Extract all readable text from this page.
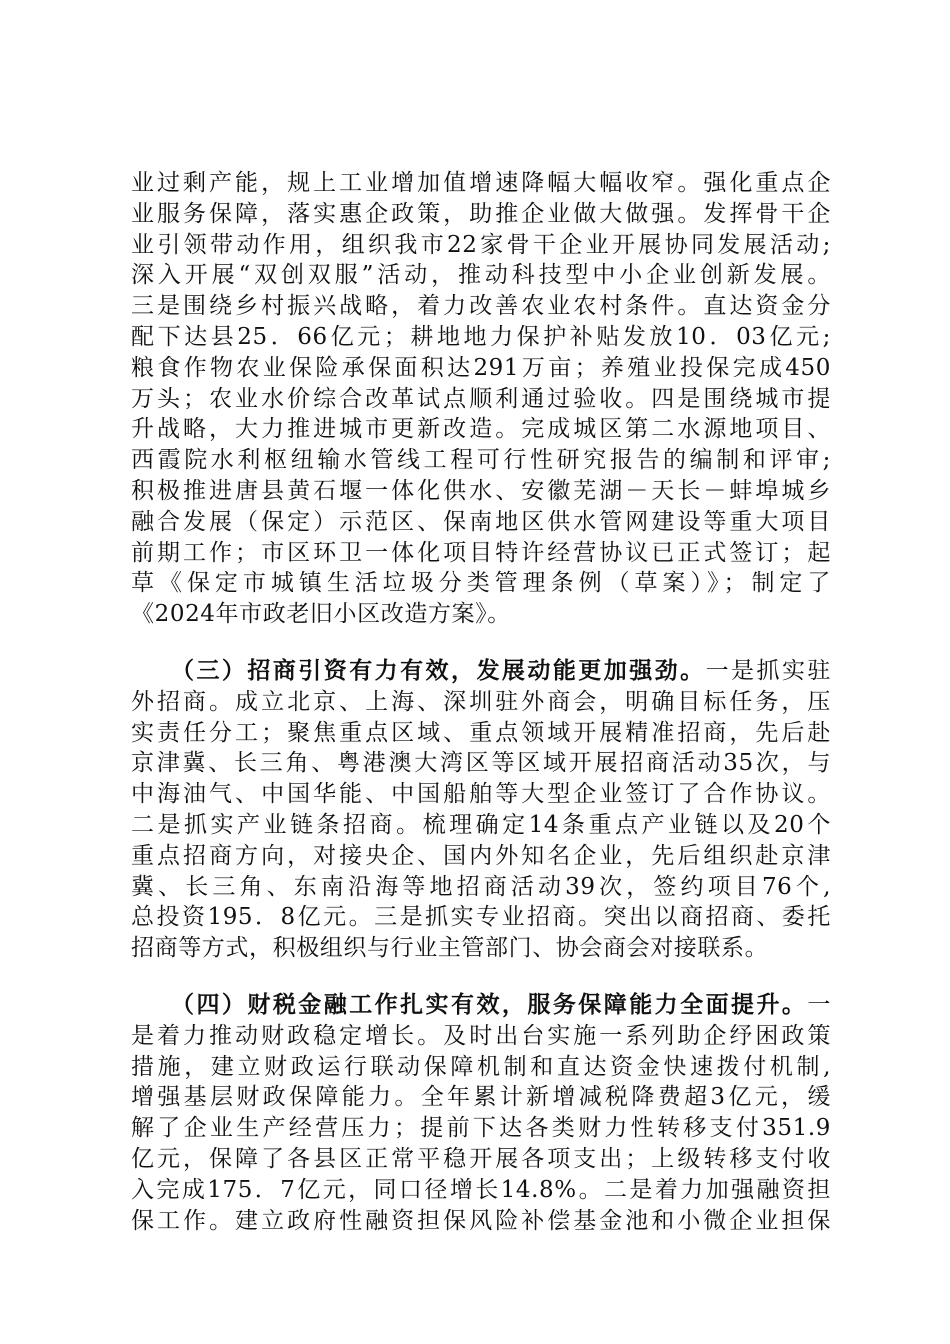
业过剩产能，规上工业增加值增速降幅大幅收窄。强化重点企
业服务保障，落实惠企政策，助推企业做大做强。发挥骨干企
业引领带动作用，组织我市22家骨干企业开展协同发展活动;
深入开展“双创双服”活动，推动科技型中小企业创新发展。
三是围绕乡村振兴战略，着力改善农业农村条件。直达资金分
配下达县25．66亿元；耕地地力保护补贴发放10．03亿元;
粮食作物农业保险承保面积达291万亩；养殖业投保完成450
万头；农业水价综合改革试点顺利通过验收。四是围绕城市提
升战略，大力推进城市更新改造。完成城区第二水源地项目、
西霞院水利枢纽输水管线工程可行性研究报告的编制和评审;
积极推进唐县黄石堰一体化供水、安徽芜湖－天长－蚌埠城乡
融合发展（保定）示范区、保南地区供水管网建设等重大项目
前期工作；市区环卫一体化项目特许经营协议已正式签订；起
草《保定市城镇生活垃圾分类管理条例（草案）》；制定了
《2024年市政老旧小区改造方案》。
（三）招商引资有力有效，发展动能更加强劲。一是抓实驻
外招商。成立北京、上海、深圳驻外商会，明确目标任务，压
实责任分工；聚焦重点区域、重点领域开展精准招商，先后赴
京津冀、长三角、粤港澳大湾区等区域开展招商活动35次，与
中海油气、中国华能、中国船舶等大型企业签订了合作协议。
二是抓实产业链条招商。梳理确定14条重点产业链以及20个
重点招商方向，对接央企、国内外知名企业，先后组织赴京津
冀、长三角、东南沿海等地招商活动39次，签约项目76个,
总投资195．8亿元。三是抓实专业招商。突出以商招商、委托
招商等方式，积极组织与行业主管部门、协会商会对接联系。
（四）财税金融工作扎实有效，服务保障能力全面提升。一
是着力推动财政稳定增长。及时出台实施一系列助企纾困政策
措施，建立财政运行联动保障机制和直达资金快速拨付机制,
增强基层财政保障能力。全年累计新增减税降费超3亿元，缓
解了企业生产经营压力；提前下达各类财力性转移支付351.9
亿元，保障了各县区正常平稳开展各项支出；上级转移支付收
入完成175．7亿元，同口径增长14.8%。二是着力加强融资担
保工作。建立政府性融资担保风险补偿基金池和小微企业担保
